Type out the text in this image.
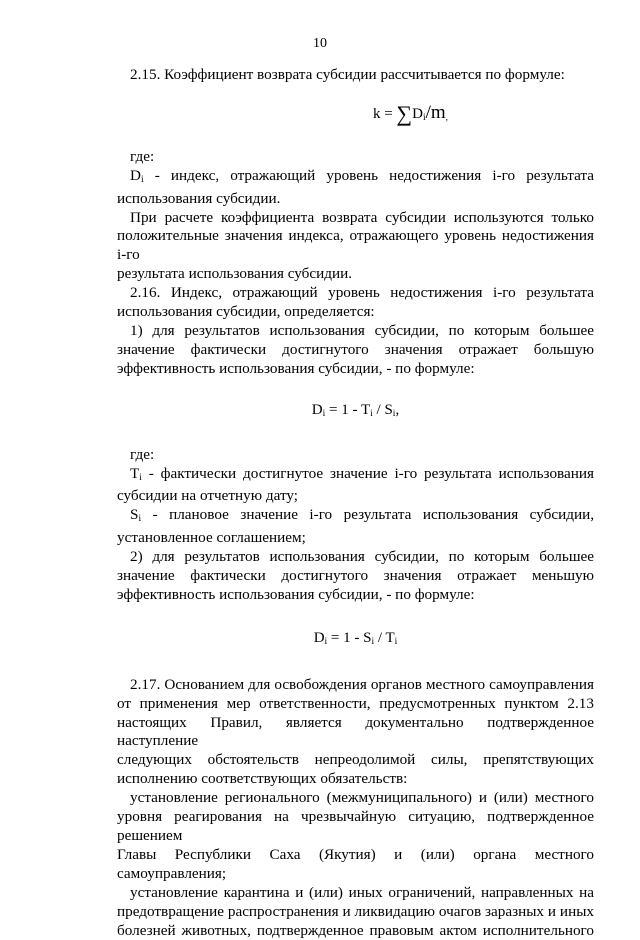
10

2.15. Коэффициент возврата субсидии рассчитывается по формуле:

$k = \sum D_i/m_,$

где:
$D_i$ - индекс, отражающий уровень недостижения i-го результата
использования субсидии.
При расчете коэффициента возврата субсидии используются только
положительные значения индекса, отражающего уровень недостижения i-го
результата использования субсидии.
2.16. Индекс, отражающий уровень недостижения i-го результата
использования субсидии, определяется:
1) для результатов использования субсидии, по которым большее
значение фактически достигнутого значения отражает большую
эффективность использования субсидии, - по формуле:

$D_i = 1 - T_i / S_i$,

где:
$T_i$ - фактически достигнутое значение i-го результата использования
субсидии на отчетную дату;
$S_i$ - плановое значение i-го результата использования субсидии,
установленное соглашением;
2) для результатов использования субсидии, по которым большее
значение фактически достигнутого значения отражает меньшую
эффективность использования субсидии, - по формуле:

$D_i = 1 - S_i / T_i$

2.17. Основанием для освобождения органов местного самоуправления
от применения мер ответственности, предусмотренных пунктом 2.13
настоящих Правил, является документально подтвержденное наступление
следующих обстоятельств непреодолимой силы, препятствующих
исполнению соответствующих обязательств:
установление регионального (межмуниципального) и (или) местного
уровня реагирования на чрезвычайную ситуацию, подтвержденное решением
Главы Республики Саха (Якутия) и (или) органа местного самоуправления;
установление карантина и (или) иных ограничений, направленных на
предотвращение распространения и ликвидацию очагов заразных и иных
болезней животных, подтвержденное правовым актом исполнительного
